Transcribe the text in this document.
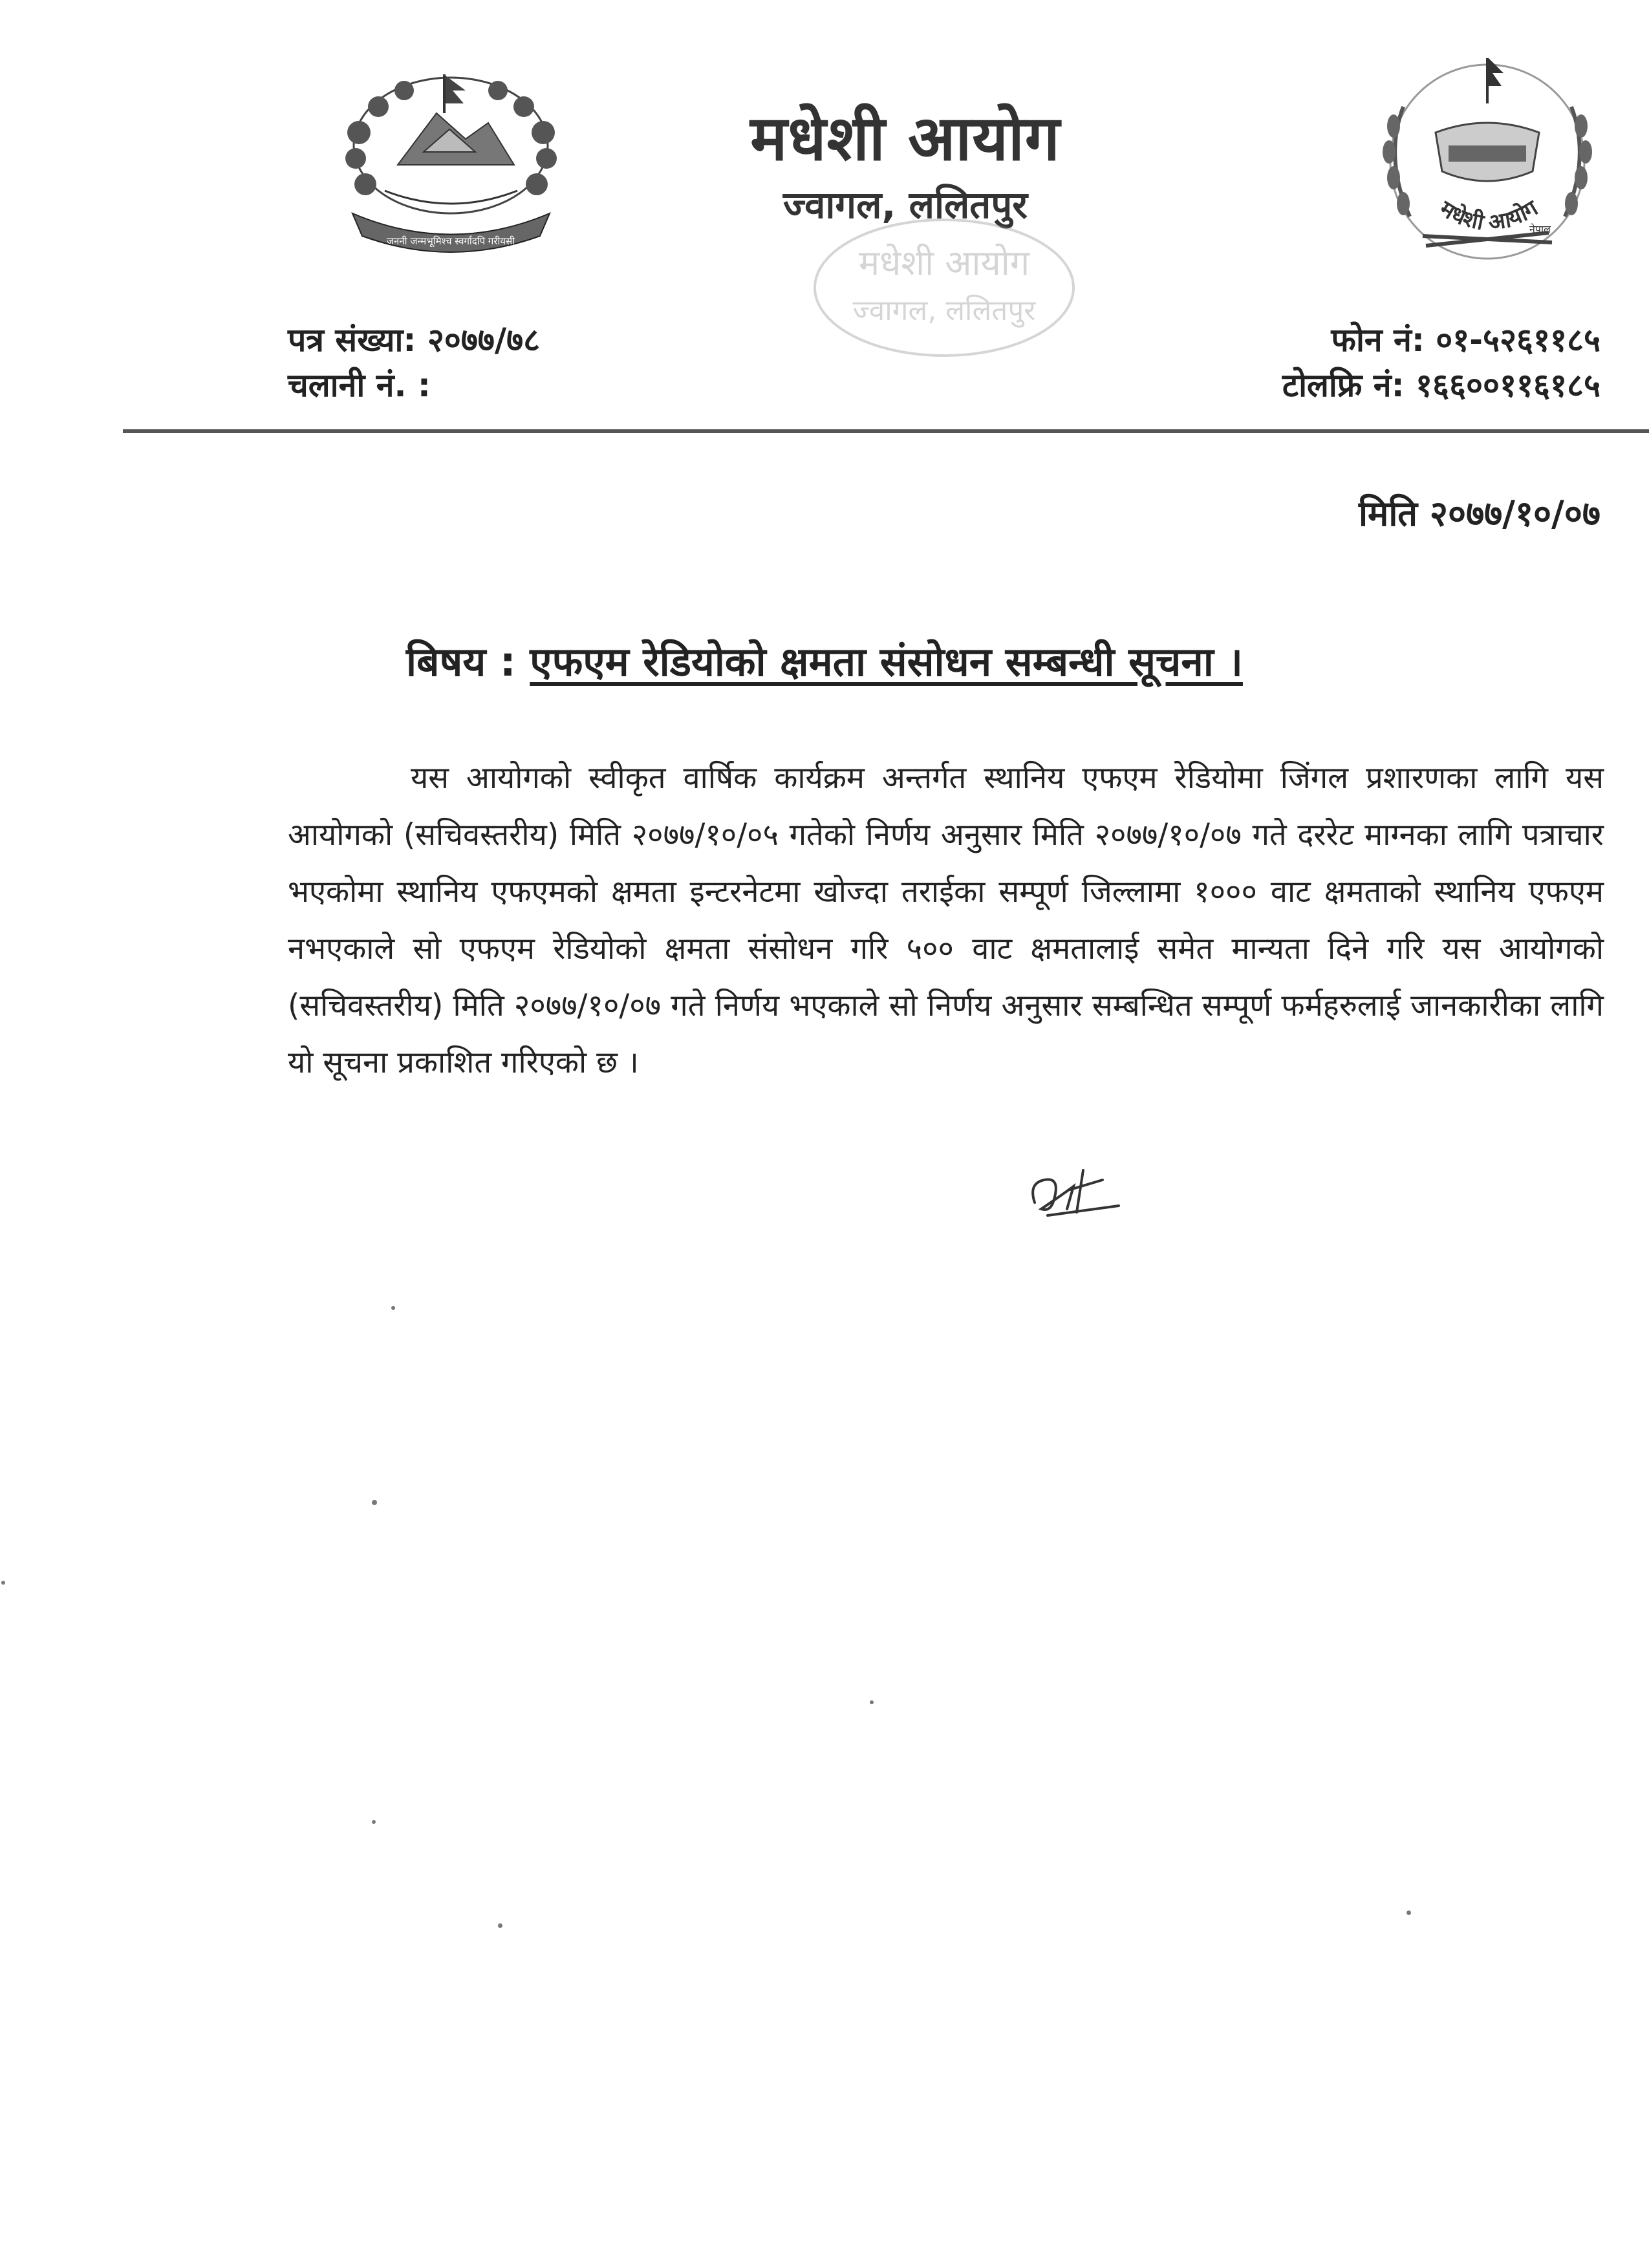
जननी जन्मभूमिश्च स्वर्गादपि गरीयसी
मधेशी आयोग
नेपाल
मधेशी आयोग
ज्वागल, ललितपुर
मधेशी आयोग
ज्वागल, ललितपुर
पत्र संख्या: २०७७/७८
चलानी नं. :
फोन नं: ०१-५२६११८५
टोलफ्रि नं: १६६००११६१८५
मिति २०७७/१०/०७
बिषय : एफएम रेडियोको क्षमता संसोधन सम्बन्धी सूचना ।
यस आयोगको स्वीकृत वार्षिक कार्यक्रम अन्तर्गत स्थानिय एफएम रेडियोमा जिंगल प्रशारणका लागि यस आयोगको (सचिवस्तरीय) मिति २०७७/१०/०५ गतेको निर्णय अनुसार मिति २०७७/१०/०७ गते दररेट माग्नका लागि पत्राचार भएकोमा स्थानिय एफएमको क्षमता इन्टरनेटमा खोज्दा तराईका सम्पूर्ण जिल्लामा १००० वाट क्षमताको स्थानिय एफएम नभएकाले सो एफएम रेडियोको क्षमता संसोधन गरि ५०० वाट क्षमतालाई समेत मान्यता दिने गरि यस आयोगको (सचिवस्तरीय) मिति २०७७/१०/०७ गते निर्णय भएकाले सो निर्णय अनुसार सम्बन्धित सम्पूर्ण फर्महरुलाई जानकारीका लागि यो सूचना प्रकाशित गरिएको छ ।
